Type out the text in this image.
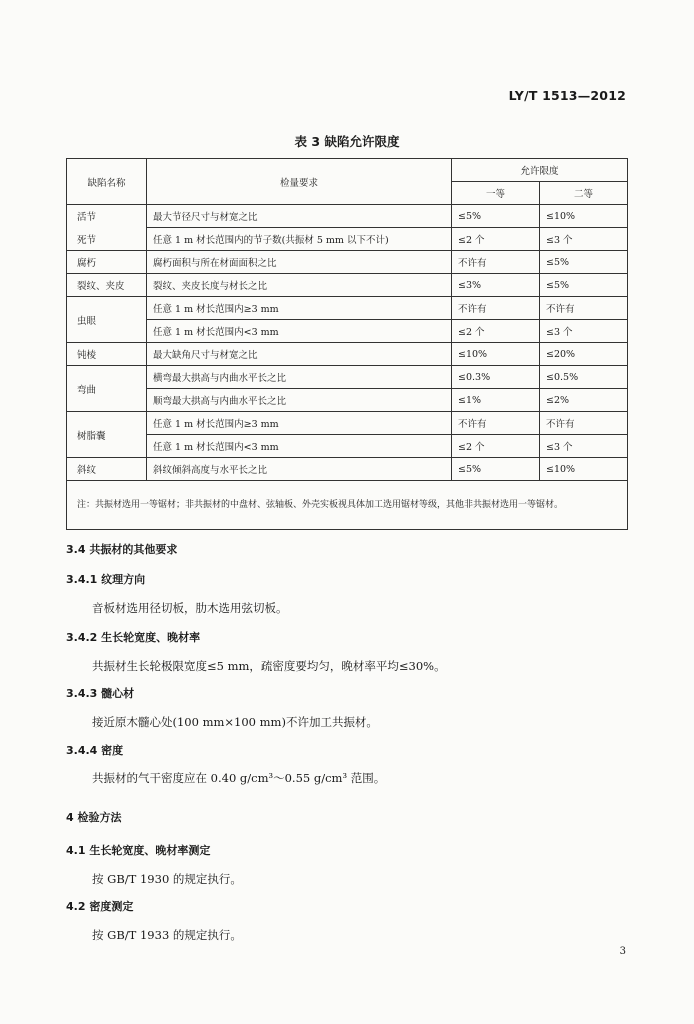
LY/T 1513—2012
表 3 缺陷允许限度
缺陷名称	检量要求	允许限度	
		一等	二等
活节	最大节径尺寸与材宽之比	≤5%	≤10%
死节	任意 1 m 材长范围内的节子数(共振材 5 mm 以下不计)	≤2 个	≤3 个
腐朽	腐朽面积与所在材面面积之比	不许有	≤5%
裂纹、夹皮	裂纹、夹皮长度与材长之比	≤3%	≤5%
虫眼	任意 1 m 材长范围内≥3 mm	不许有	不许有
	任意 1 m 材长范围内<3 mm	≤2 个	≤3 个
钝棱	最大缺角尺寸与材宽之比	≤10%	≤20%
弯曲	横弯最大拱高与内曲水平长之比	≤0.3%	≤0.5%
	顺弯最大拱高与内曲水平长之比	≤1%	≤2%
树脂囊	任意 1 m 材长范围内≥3 mm	不许有	不许有
	任意 1 m 材长范围内<3 mm	≤2 个	≤3 个
斜纹	斜纹倾斜高度与水平长之比	≤5%	≤10%
注：共振材选用一等锯材；非共振材的中盘材、弦轴板、外壳实板视具体加工选用锯材等级，其他非共振材选用一等锯材。			
3.4 共振材的其他要求
3.4.1 纹理方向
音板材选用径切板，肋木选用弦切板。
3.4.2 生长轮宽度、晚材率
共振材生长轮极限宽度≤5 mm，疏密度要均匀，晚材率平均≤30%。
3.4.3 髓心材
接近原木髓心处(100 mm×100 mm)不许加工共振材。
3.4.4 密度
共振材的气干密度应在 0.40 g/cm³～0.55 g/cm³ 范围。
4 检验方法
4.1 生长轮宽度、晚材率测定
按 GB/T 1930 的规定执行。
4.2 密度测定
按 GB/T 1933 的规定执行。
3
